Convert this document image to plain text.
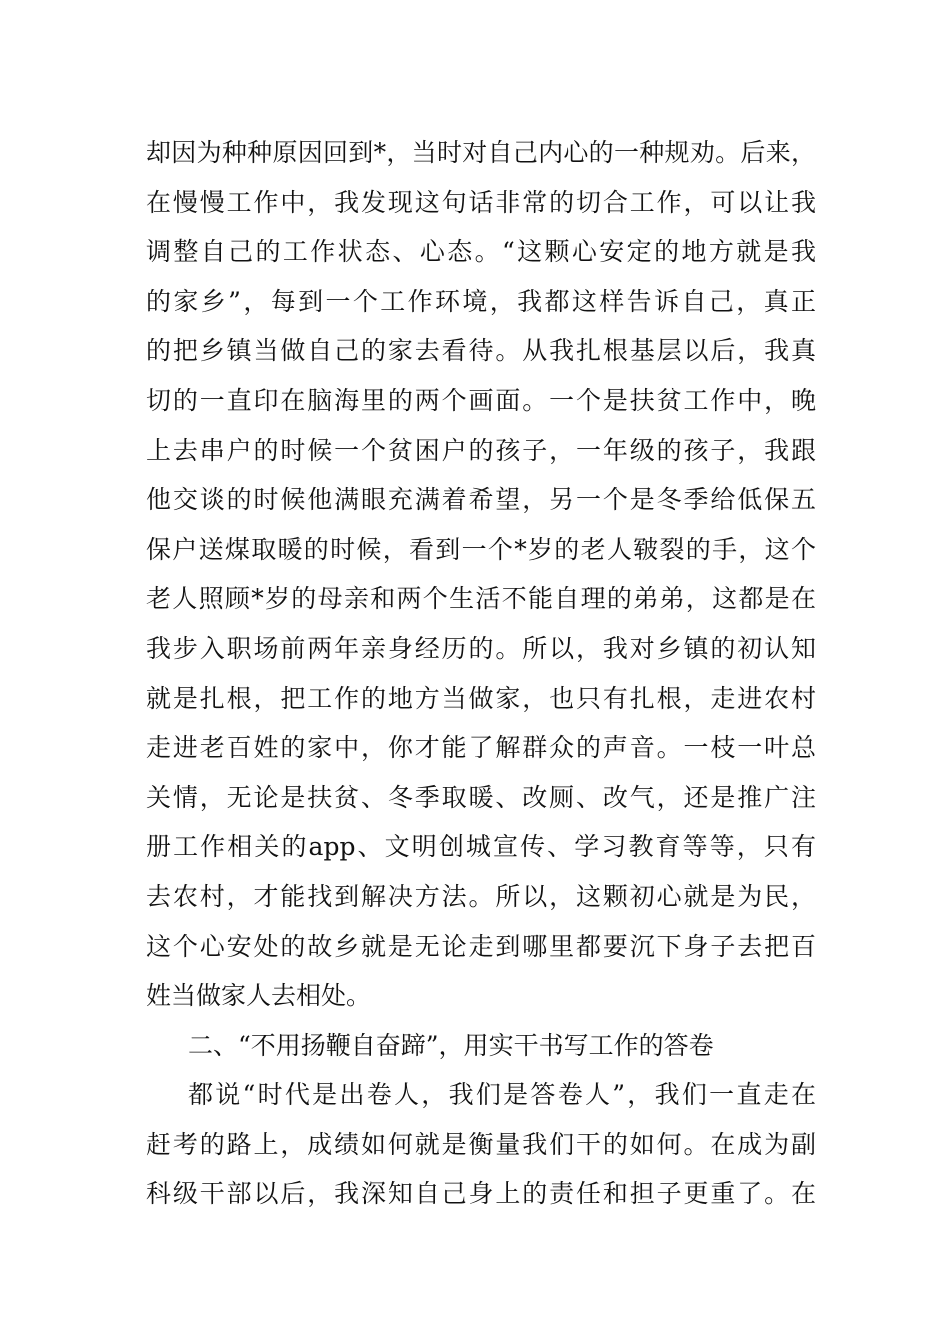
却因为种种原因回到*，当时对自己内心的一种规劝。后来，
在慢慢工作中，我发现这句话非常的切合工作，可以让我
调整自己的工作状态、心态。“这颗心安定的地方就是我
的家乡”，每到一个工作环境，我都这样告诉自己，真正
的把乡镇当做自己的家去看待。从我扎根基层以后，我真
切的一直印在脑海里的两个画面。一个是扶贫工作中，晚
上去串户的时候一个贫困户的孩子，一年级的孩子，我跟
他交谈的时候他满眼充满着希望，另一个是冬季给低保五
保户送煤取暖的时候，看到一个*岁的老人皲裂的手，这个
老人照顾*岁的母亲和两个生活不能自理的弟弟，这都是在
我步入职场前两年亲身经历的。所以，我对乡镇的初认知
就是扎根，把工作的地方当做家，也只有扎根，走进农村
走进老百姓的家中，你才能了解群众的声音。一枝一叶总
关情，无论是扶贫、冬季取暖、改厕、改气，还是推广注
册工作相关的app、文明创城宣传、学习教育等等，只有
去农村，才能找到解决方法。所以，这颗初心就是为民，
这个心安处的故乡就是无论走到哪里都要沉下身子去把百
姓当做家人去相处。
二、“不用扬鞭自奋蹄”，用实干书写工作的答卷
都说“时代是出卷人，我们是答卷人”，我们一直走在
赶考的路上，成绩如何就是衡量我们干的如何。在成为副
科级干部以后，我深知自己身上的责任和担子更重了。在
